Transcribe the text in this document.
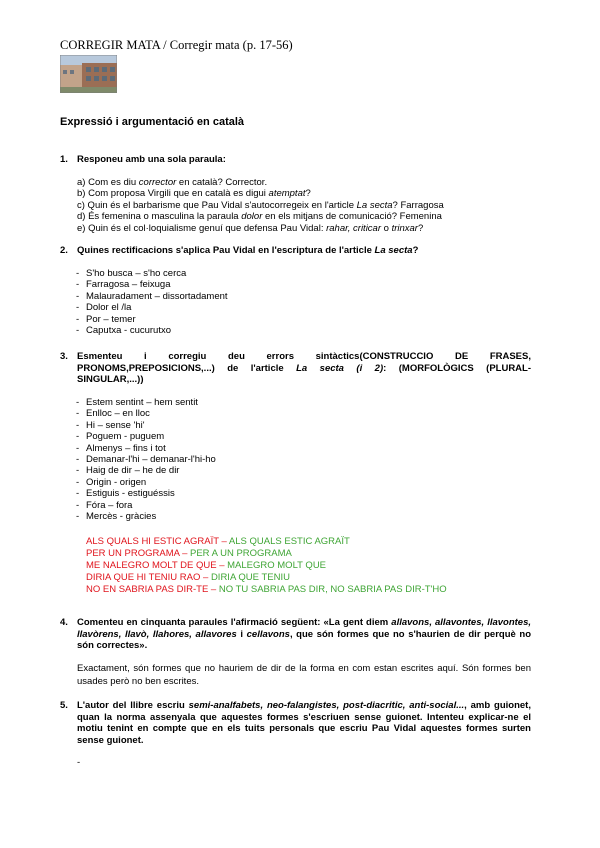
CORREGIR MATA / Corregir mata (p. 17-56)
Expressió i argumentació en català
1. Responeu amb una sola paraula:
a) Com es diu corrector en català? Corrector.
b) Com proposa Virgili que en català es digui atemptat?
c) Quin és el barbarisme que Pau Vidal s'autocorregeix en l'article La secta? Farragosa
d) És femenina o masculina la paraula dolor en els mitjans de comunicació? Femenina
e) Quin és el col·loquialisme genuí que defensa Pau Vidal: rahar, criticar o trinxar?
2. Quines rectificacions s'aplica Pau Vidal en l'escriptura de l'article La secta?
- S'ho busca – s'ho cerca
- Farragosa – feixuga
- Malauradament – dissortadament
- Dolor el /la
- Por – temer
- Caputxa - cucurutxo
3. Esmenteu i corregiu deu errors sintàctics(CONSTRUCCIO DE FRASES,
PRONOMS,PREPOSICIONS,...) de l'article La secta (i 2): (MORFOLÒGICS (PLURAL-
SINGULAR,...))
- Estem sentint – hem sentit
- Enlloc – en lloc
- Hi – sense 'hi'
- Poguem - puguem
- Almenys – fins i tot
- Demanar-l'hi – demanar-l'hi-ho
- Haig de dir – he de dir
- Origin - origen
- Estiguis - estiguéssis
- Fóra – fora
- Mercès - gràcies
ALS QUALS HI ESTIC AGRAÏT – ALS QUALS ESTIC AGRAÏT
PER UN PROGRAMA – PER A UN PROGRAMA
ME NALEGRO MOLT DE QUE – MALEGRO MOLT QUE
DIRIA QUE HI TENIU RAO – DIRIA QUE TENIU
NO EN SABRIA PAS DIR-TE – NO TU SABRIA PAS DIR, NO SABRIA PAS DIR-T'HO
4. Comenteu en cinquanta paraules l'afirmació següent: «La gent diem allavons, allavontes, llavontes, llavòrens, llavò, llahores, allavores i cellavons, que són formes que no s'haurien de dir perquè no són correctes».
Exactament, són formes que no hauriem de dir de la forma en com estan escrites aquí. Són formes ben usades però no ben escrites.
5. L'autor del llibre escriu semi-analfabets, neo-falangistes, post-diacritic, anti-social..., amb guionet, quan la norma assenyala que aquestes formes s'escriuen sense guionet. Intenteu explicar-ne el motiu tenint en compte que en els tuits personals que escriu Pau Vidal aquestes formes surten sense guionet.
-
